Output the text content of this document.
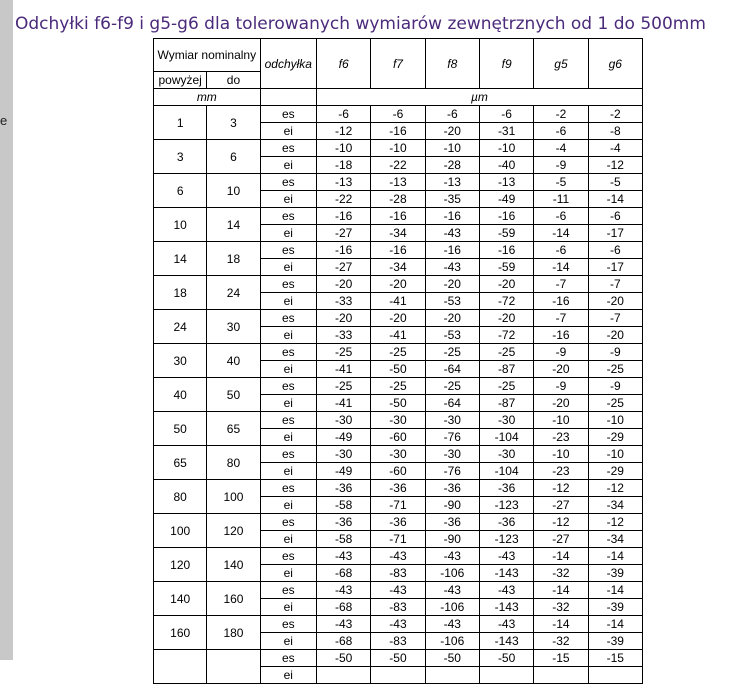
e
Odchyłki f6-f9 i g5-g6 dla tolerowanych wymiarów zewnętrznych od 1 do 500mm
Wymiar nominalny		odchyłka	f6	f7	f8	f9	g5	g6
powyżej	do							
mm			µm					
1	3	es	-6	-6	-6	-6	-2	-2
		ei	-12	-16	-20	-31	-6	-8
3	6	es	-10	-10	-10	-10	-4	-4
		ei	-18	-22	-28	-40	-9	-12
6	10	es	-13	-13	-13	-13	-5	-5
		ei	-22	-28	-35	-49	-11	-14
10	14	es	-16	-16	-16	-16	-6	-6
		ei	-27	-34	-43	-59	-14	-17
14	18	es	-16	-16	-16	-16	-6	-6
		ei	-27	-34	-43	-59	-14	-17
18	24	es	-20	-20	-20	-20	-7	-7
		ei	-33	-41	-53	-72	-16	-20
24	30	es	-20	-20	-20	-20	-7	-7
		ei	-33	-41	-53	-72	-16	-20
30	40	es	-25	-25	-25	-25	-9	-9
		ei	-41	-50	-64	-87	-20	-25
40	50	es	-25	-25	-25	-25	-9	-9
		ei	-41	-50	-64	-87	-20	-25
50	65	es	-30	-30	-30	-30	-10	-10
		ei	-49	-60	-76	-104	-23	-29
65	80	es	-30	-30	-30	-30	-10	-10
		ei	-49	-60	-76	-104	-23	-29
80	100	es	-36	-36	-36	-36	-12	-12
		ei	-58	-71	-90	-123	-27	-34
100	120	es	-36	-36	-36	-36	-12	-12
		ei	-58	-71	-90	-123	-27	-34
120	140	es	-43	-43	-43	-43	-14	-14
		ei	-68	-83	-106	-143	-32	-39
140	160	es	-43	-43	-43	-43	-14	-14
		ei	-68	-83	-106	-143	-32	-39
160	180	es	-43	-43	-43	-43	-14	-14
		ei	-68	-83	-106	-143	-32	-39
		es	-50	-50	-50	-50	-15	-15
		ei						
